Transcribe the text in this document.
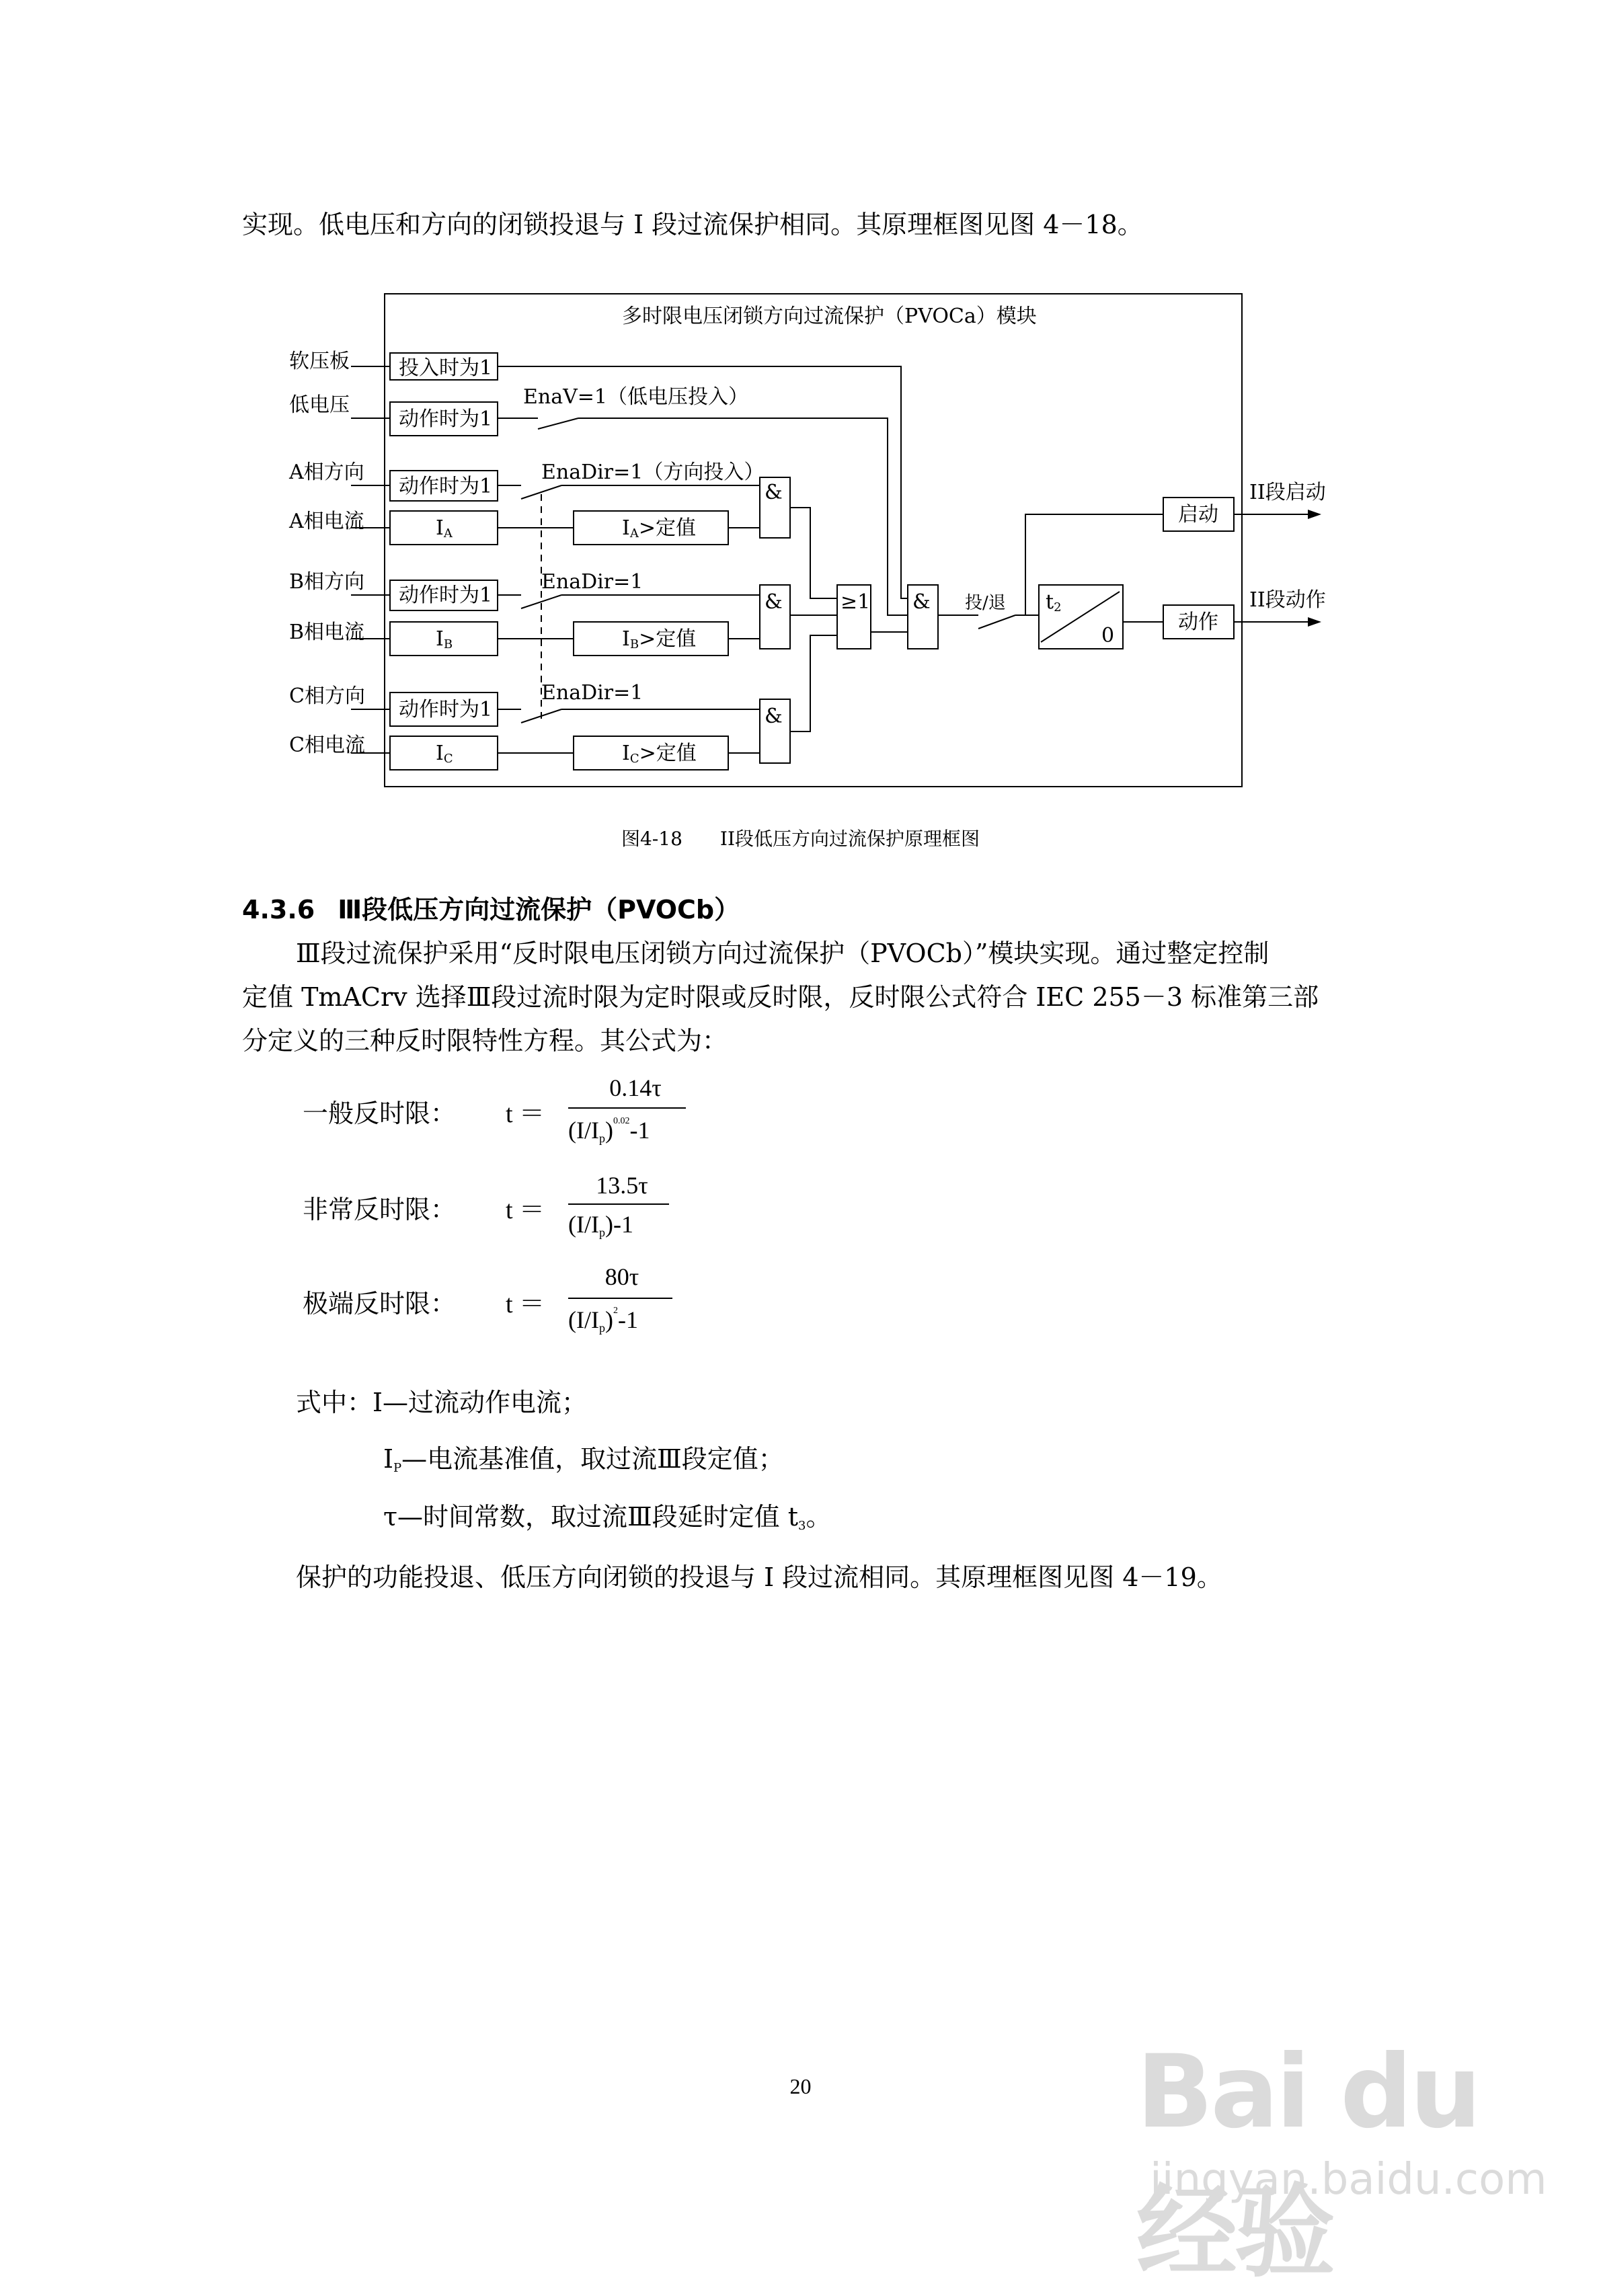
实现。低电压和方向的闭锁投退与 I 段过流保护相同。其原理框图见图 4－18。
多时限电压闭锁方向过流保护（PVOCa）模块
软压板
低电压
A相方向
A相电流
B相方向
B相电流
C相方向
C相电流
投入时为1
动作时为1
动作时为1
动作时为1
动作时为1
IA
IB
IC
IA>定值
IB>定值
IC>定值
&
&
&
≥1 &	t2
0
启动
动作
EnaV=1（低电压投入）
EnaDir=1（方向投入）
EnaDir=1
EnaDir=1
投/退
II段启动
II段动作
图4-18　　II段低压方向过流保护原理框图
4.3.6 Ⅲ段低压方向过流保护（PVOCb）
Ⅲ段过流保护采用“反时限电压闭锁方向过流保护（PVOCb）”模块实现。通过整定控制
定值 TmACrv 选择Ⅲ段过流时限为定时限或反时限，反时限公式符合 IEC 255－3 标准第三部
分定义的三种反时限特性方程。其公式为：
一般反时限： t ＝
0.14τ
$(I/Ip)^{0.02}-1$
非常反时限： t ＝
13.5τ
(I/Ip)-1
极端反时限： t ＝
80τ
$(I/Ip)^2-1$
式中：I—过流动作电流；
IP—电流基准值，取过流Ⅲ段定值；
τ—时间常数，取过流Ⅲ段延时定值 t3。
保护的功能投退、低压方向闭锁的投退与 I 段过流相同。其原理框图见图 4－19。
20	Bai du 经验
jingyan.baidu.com
